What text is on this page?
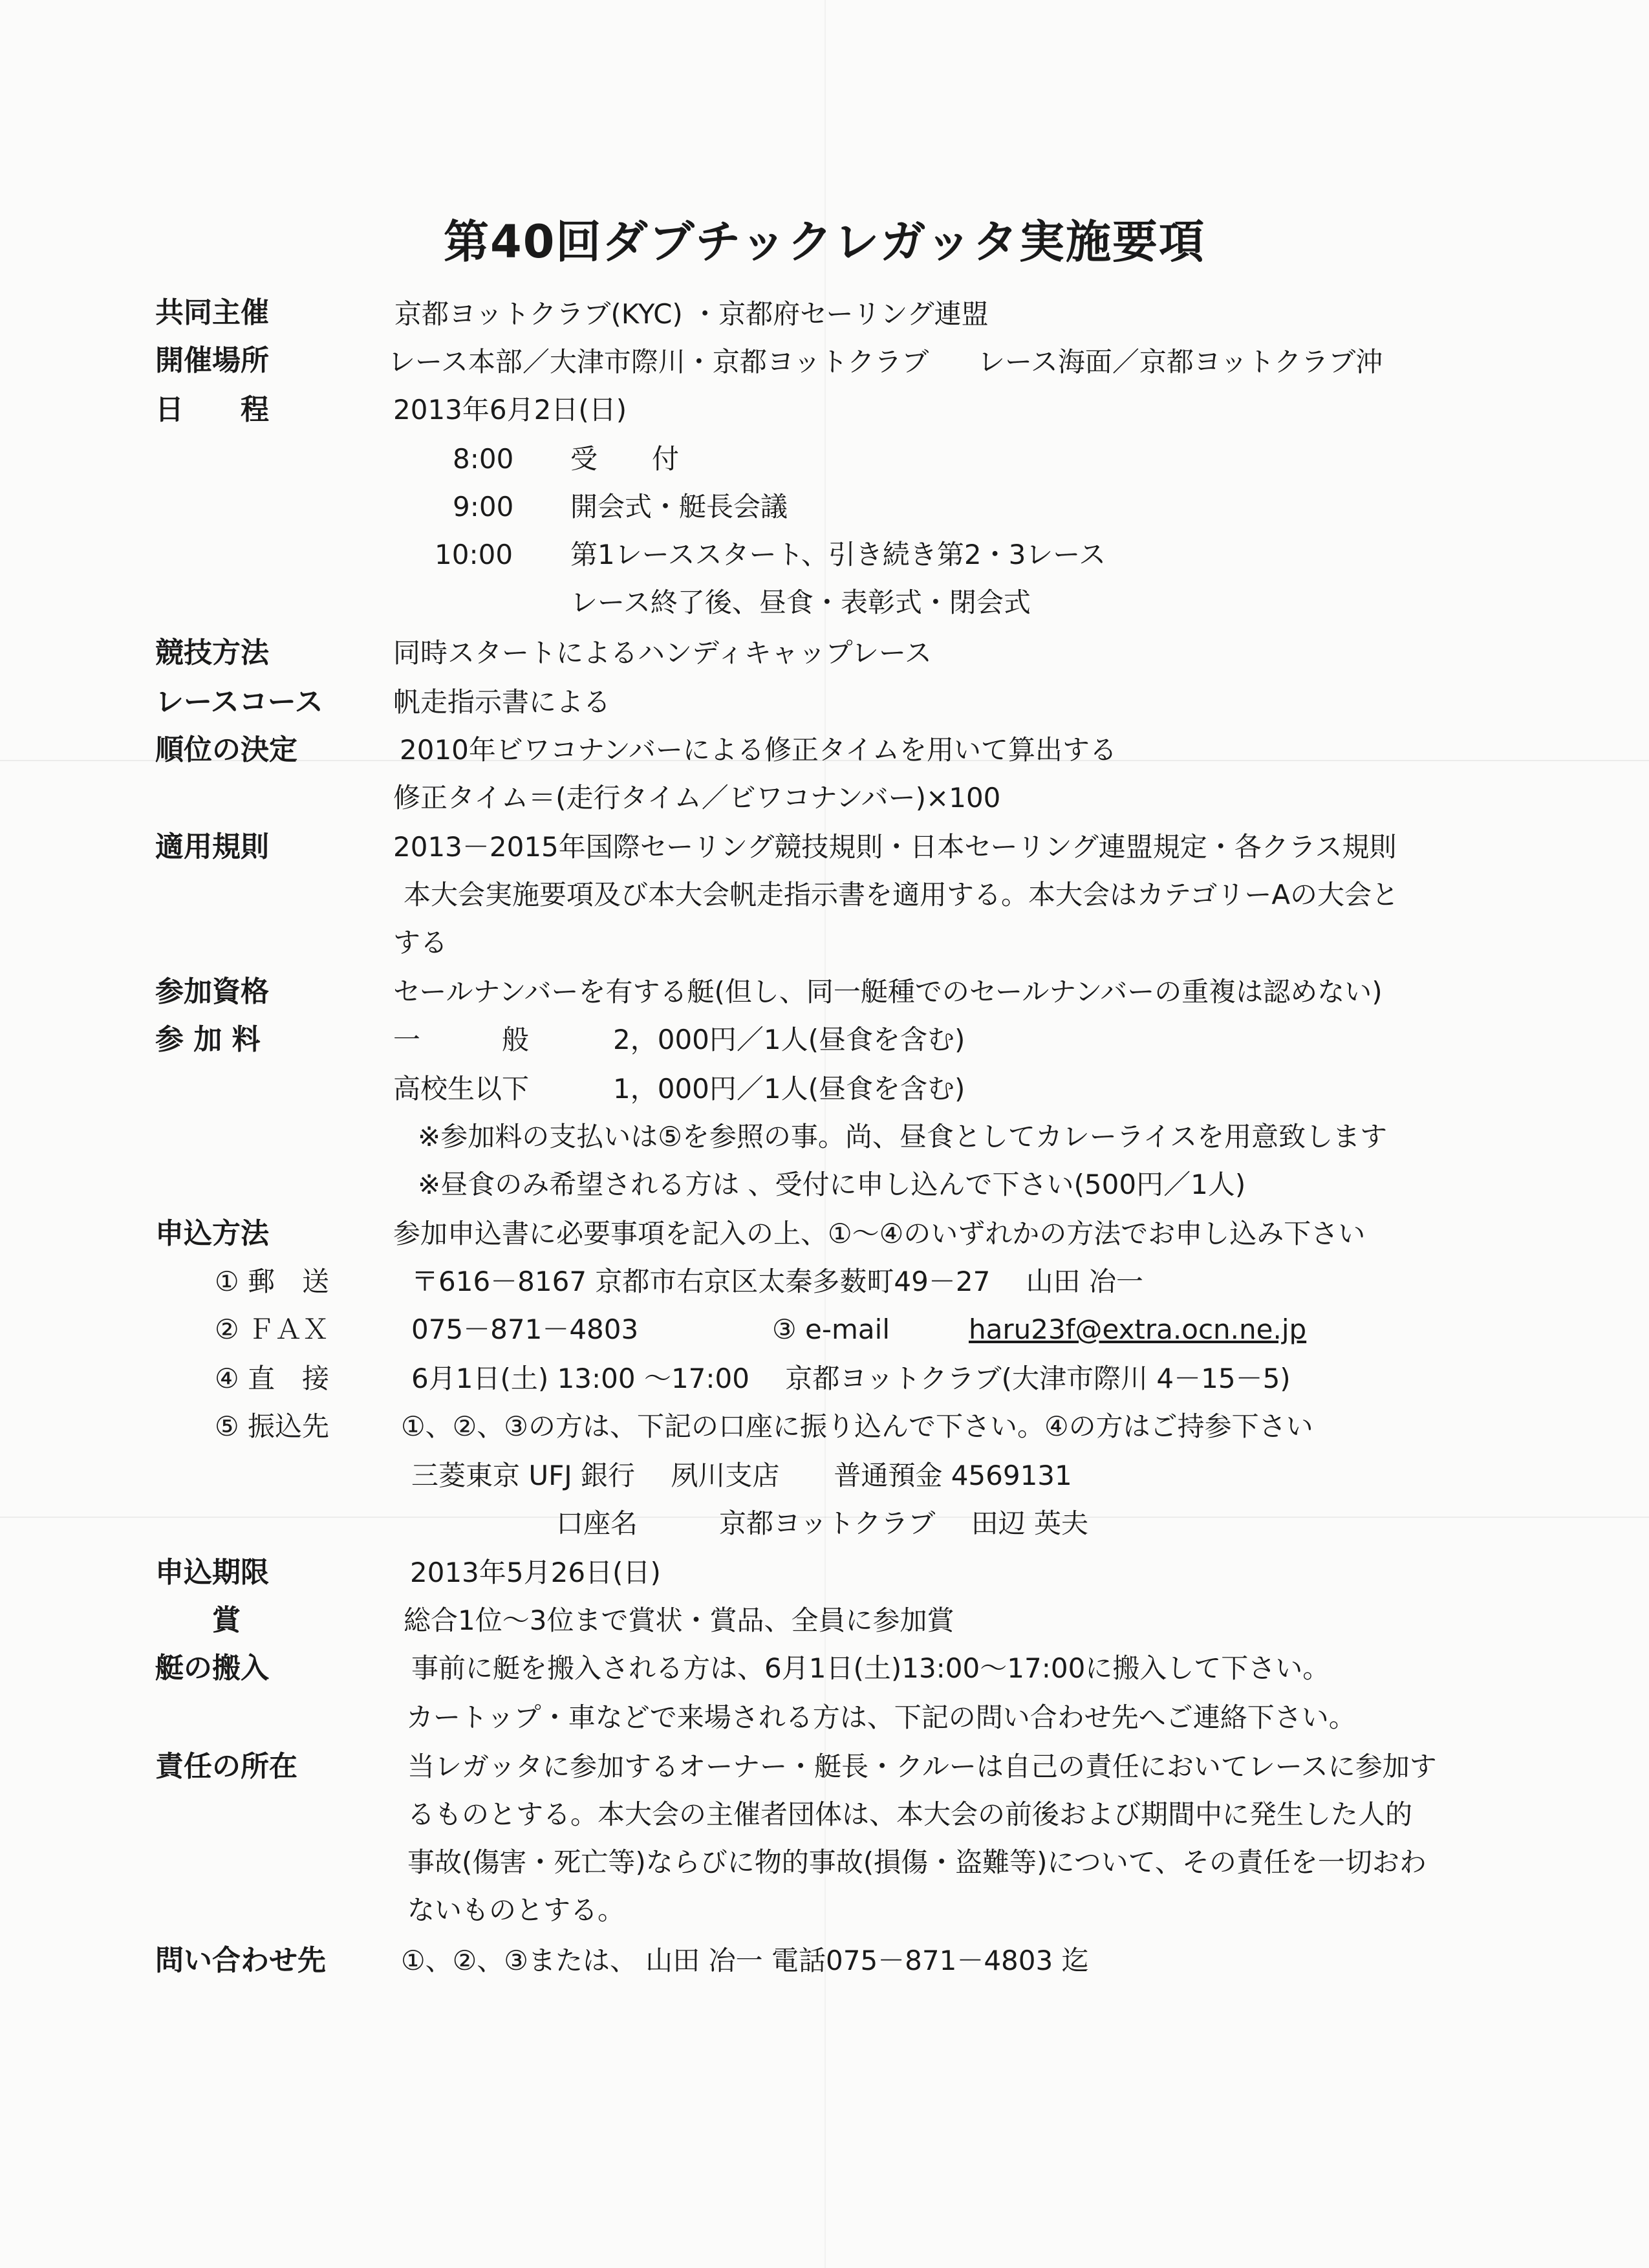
第40回ダブチックレガッタ実施要項
共同主催	京都ヨットクラブ(KYC) ・京都府セーリング連盟
開催場所	レース本部／大津市際川・京都ヨットクラブ レース海面／京都ヨットクラブ沖
日　　程	2013年6月2日(日)
8:00 受　　付
9:00 開会式・艇長会議
10:00 第1レーススタート、引き続き第2・3レース
レース終了後、昼食・表彰式・閉会式
競技方法	同時スタートによるハンディキャップレース
レースコース	帆走指示書による
順位の決定	2010年ビワコナンバーによる修正タイムを用いて算出する
修正タイム＝(走行タイム／ビワコナンバー)×100
適用規則	2013－2015年国際セーリング競技規則・日本セーリング連盟規定・各クラス規則
本大会実施要項及び本大会帆走指示書を適用する。本大会はカテゴリーAの大会と
する
参加資格	セールナンバーを有する艇(但し、同一艇種でのセールナンバーの重複は認めない)
参 加 料	一　　　般	2，000円／1人(昼食を含む)
高校生以下	1，000円／1人(昼食を含む)
※参加料の支払いは⑤を参照の事。尚、昼食としてカレーライスを用意致します
※昼食のみ希望される方は 、受付に申し込んで下さい(500円／1人)
申込方法	参加申込書に必要事項を記入の上、①～④のいずれかの方法でお申し込み下さい
① 郵　送	〒616－8167 京都市右京区太秦多薮町49－27　 山田 冶一
② ＦＡＸ	075－871－4803	③ e-mail	haru23f@extra.ocn.ne.jp
④ 直　接	6月1日(土) 13:00 ～17:00　 京都ヨットクラブ(大津市際川 4－15－5)
⑤ 振込先	①、②、③の方は、下記の口座に振り込んで下さい。④の方はご持参下さい
三菱東京 UFJ 銀行　 夙川支店　　普通預金 4569131
口座名　　　京都ヨットクラブ　 田辺 英夫
申込期限	2013年5月26日(日)
賞	総合1位～3位まで賞状・賞品、全員に参加賞
艇の搬入	事前に艇を搬入される方は、6月1日(土)13:00～17:00に搬入して下さい。
カートップ・車などで来場される方は、下記の問い合わせ先へご連絡下さい。
責任の所在	当レガッタに参加するオーナー・艇長・クルーは自己の責任においてレースに参加す
るものとする。本大会の主催者団体は、本大会の前後および期間中に発生した人的
事故(傷害・死亡等)ならびに物的事故(損傷・盗難等)について、その責任を一切おわ
ないものとする。
問い合わせ先	①、②、③または、 山田 冶一 電話075－871－4803 迄
